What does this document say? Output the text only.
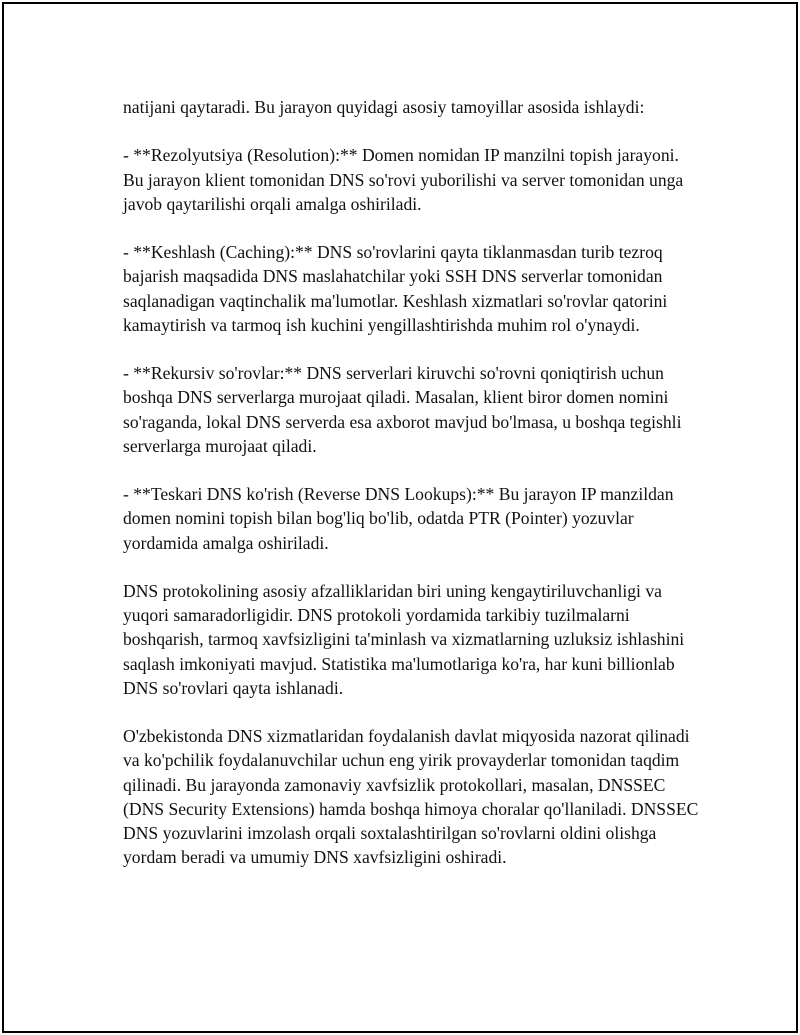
natijani qaytaradi. Bu jarayon quyidagi asosiy tamoyillar asosida ishlaydi:

- **Rezolyutsiya (Resolution):** Domen nomidan IP manzilni topish jarayoni. Bu jarayon klient tomonidan DNS so'rovi yuborilishi va server tomonidan unga javob qaytarilishi orqali amalga oshiriladi.

- **Keshlash (Caching):** DNS so'rovlarini qayta tiklanmasdan turib tezroq bajarish maqsadida DNS maslahatchilar yoki SSH DNS serverlar tomonidan saqlanadigan vaqtinchalik ma'lumotlar. Keshlash xizmatlari so'rovlar qatorini kamaytirish va tarmoq ish kuchini yengillashtirishda muhim rol o'ynaydi.

- **Rekursiv so'rovlar:** DNS serverlari kiruvchi so'rovni qoniqtirish uchun boshqa DNS serverlarga murojaat qiladi. Masalan, klient biror domen nomini so'raganda, lokal DNS serverda esa axborot mavjud bo'lmasa, u boshqa tegishli serverlarga murojaat qiladi.

- **Teskari DNS ko'rish (Reverse DNS Lookups):** Bu jarayon IP manzildan domen nomini topish bilan bog'liq bo'lib, odatda PTR (Pointer) yozuvlar yordamida amalga oshiriladi.

DNS protokolining asosiy afzalliklaridan biri uning kengaytiriluvchanligi va yuqori samaradorligidir. DNS protokoli yordamida tarkibiy tuzilmalarni boshqarish, tarmoq xavfsizligini ta'minlash va xizmatlarning uzluksiz ishlashini saqlash imkoniyati mavjud. Statistika ma'lumotlariga ko'ra, har kuni billionlab DNS so'rovlari qayta ishlanadi.

O'zbekistonda DNS xizmatlaridan foydalanish davlat miqyosida nazorat qilinadi va ko'pchilik foydalanuvchilar uchun eng yirik provayderlar tomonidan taqdim qilinadi. Bu jarayonda zamonaviy xavfsizlik protokollari, masalan, DNSSEC (DNS Security Extensions) hamda boshqa himoya choralar qo'llaniladi. DNSSEC DNS yozuvlarini imzolash orqali soxtalashtirilgan so'rovlarni oldini olishga yordam beradi va umumiy DNS xavfsizligini oshiradi.
